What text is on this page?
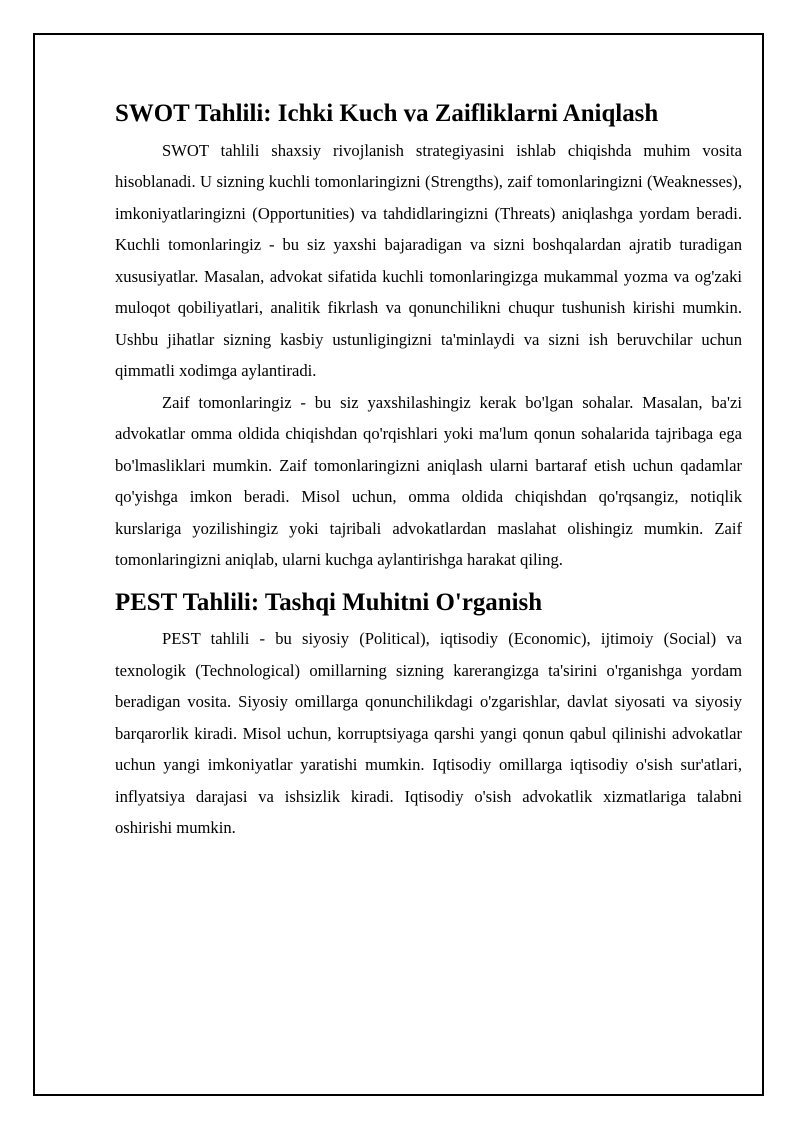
SWOT Tahlili: Ichki Kuch va Zaifliklarni Aniqlash

SWOT tahlili shaxsiy rivojlanish strategiyasini ishlab chiqishda muhim vosita hisoblanadi. U sizning kuchli tomonlaringizni (Strengths), zaif tomonlaringizni (Weaknesses), imkoniyatlaringizni (Opportunities) va tahdidlaringizni (Threats) aniqlashga yordam beradi. Kuchli tomonlaringiz - bu siz yaxshi bajaradigan va sizni boshqalardan ajratib turadigan xususiyatlar. Masalan, advokat sifatida kuchli tomonlaringizga mukammal yozma va og'zaki muloqot qobiliyatlari, analitik fikrlash va qonunchilikni chuqur tushunish kirishi mumkin. Ushbu jihatlar sizning kasbiy ustunligingizni ta'minlaydi va sizni ish beruvchilar uchun qimmatli xodimga aylantiradi.

Zaif tomonlaringiz - bu siz yaxshilashingiz kerak bo'lgan sohalar. Masalan, ba'zi advokatlar omma oldida chiqishdan qo'rqishlari yoki ma'lum qonun sohalarida tajribaga ega bo'lmasliklari mumkin. Zaif tomonlaringizni aniqlash ularni bartaraf etish uchun qadamlar qo'yishga imkon beradi. Misol uchun, omma oldida chiqishdan qo'rqsangiz, notiqlik kurslariga yozilishingiz yoki tajribali advokatlardan maslahat olishingiz mumkin. Zaif tomonlaringizni aniqlab, ularni kuchga aylantirishga harakat qiling.

PEST Tahlili: Tashqi Muhitni O'rganish

PEST tahlili - bu siyosiy (Political), iqtisodiy (Economic), ijtimoiy (Social) va texnologik (Technological) omillarning sizning karerangizga ta'sirini o'rganishga yordam beradigan vosita. Siyosiy omillarga qonunchilikdagi o'zgarishlar, davlat siyosati va siyosiy barqarorlik kiradi. Misol uchun, korruptsiyaga qarshi yangi qonun qabul qilinishi advokatlar uchun yangi imkoniyatlar yaratishi mumkin. Iqtisodiy omillarga iqtisodiy o'sish sur'atlari, inflyatsiya darajasi va ishsizlik kiradi. Iqtisodiy o'sish advokatlik xizmatlariga talabni oshirishi mumkin.
